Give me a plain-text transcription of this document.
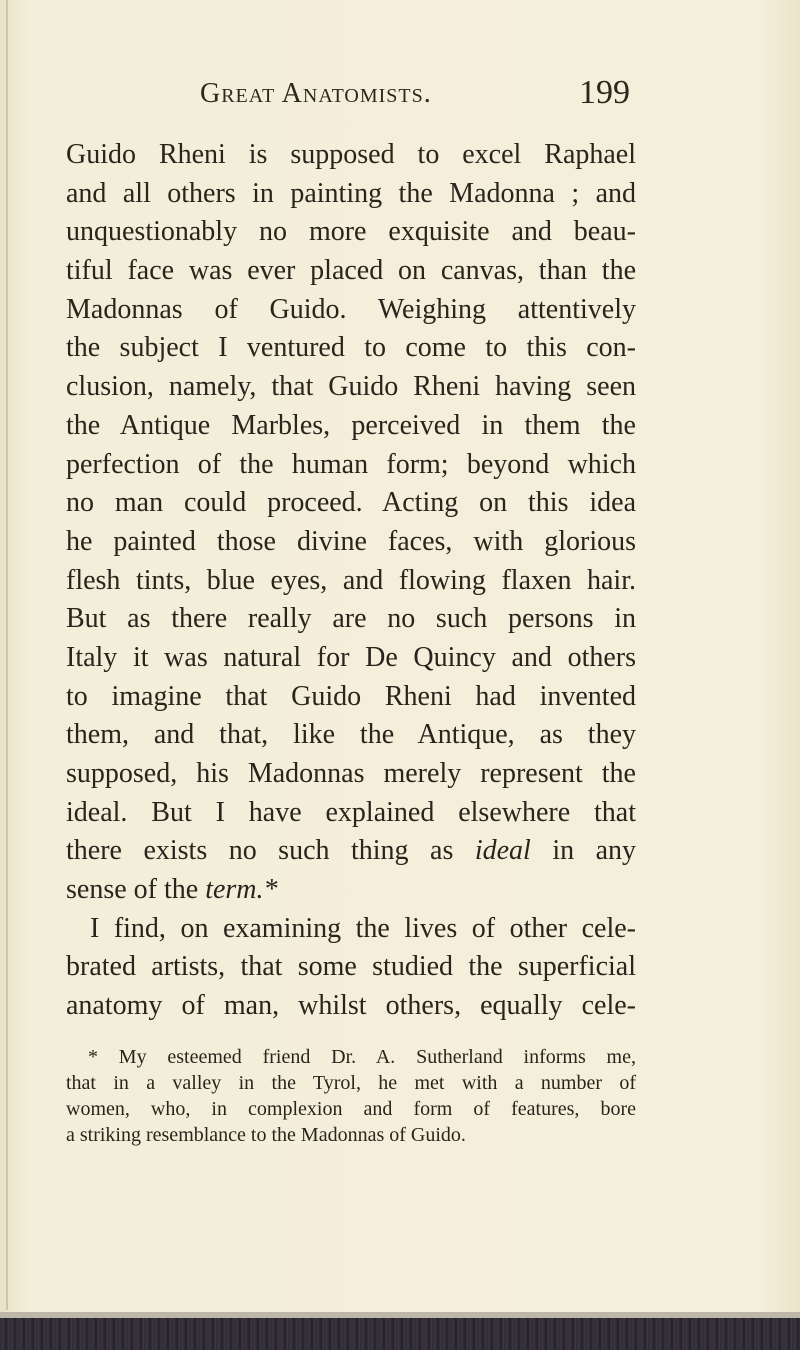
Great Anatomists.	199
Guido Rheni is supposed to excel Raphael
and all others in painting the Madonna ; and
unquestionably no more exquisite and beau-
tiful face was ever placed on canvas, than the
Madonnas of Guido. Weighing attentively
the subject I ventured to come to this con-
clusion, namely, that Guido Rheni having seen
the Antique Marbles, perceived in them the
perfection of the human form; beyond which
no man could proceed. Acting on this idea
he painted those divine faces, with glorious
flesh tints, blue eyes, and flowing flaxen hair.
But as there really are no such persons in
Italy it was natural for De Quincy and others
to imagine that Guido Rheni had invented
them, and that, like the Antique, as they
supposed, his Madonnas merely represent the
ideal. But I have explained elsewhere that
there exists no such thing as ideal in any
sense of the term.*
I find, on examining the lives of other cele-
brated artists, that some studied the superficial
anatomy of man, whilst others, equally cele-
* My esteemed friend Dr. A. Sutherland informs me,
that in a valley in the Tyrol, he met with a number of
women, who, in complexion and form of features, bore
a striking resemblance to the Madonnas of Guido.
